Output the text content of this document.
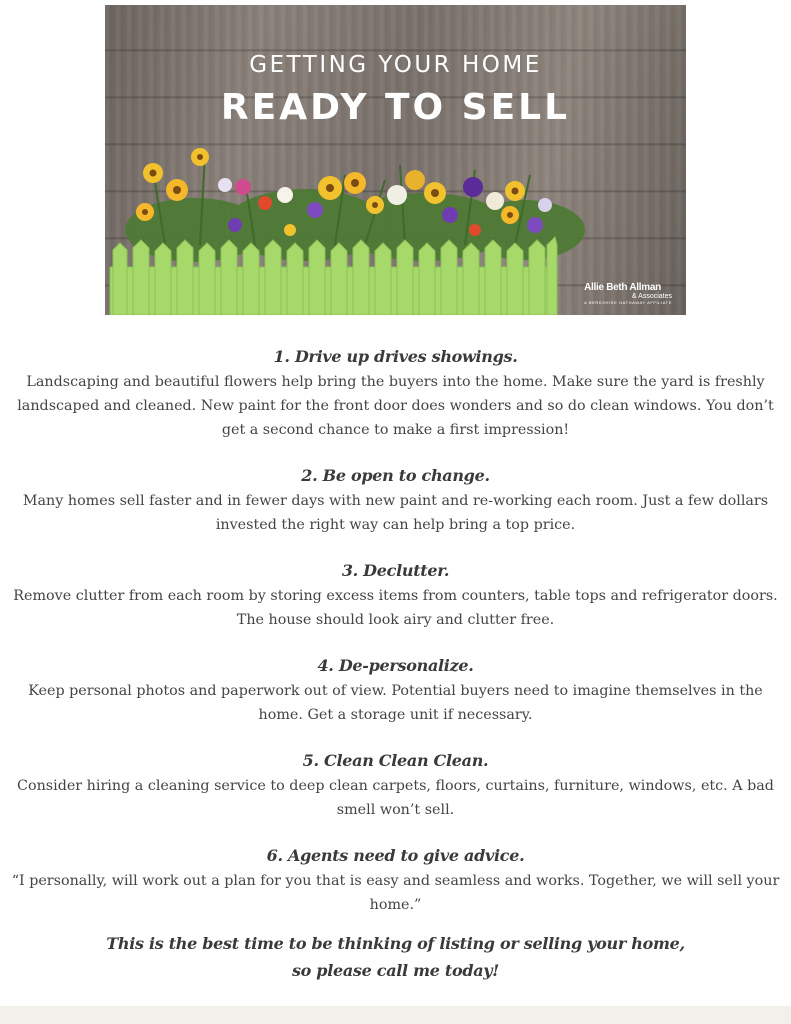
GETTING YOUR HOME
READY TO SELL
Allie Beth Allman
& Associates
A BERKSHIRE HATHAWAY AFFILIATE
1. Drive up drives showings.
Landscaping and beautiful flowers help bring the buyers into the home. Make sure the yard is freshly landscaped and cleaned. New paint for the front door does wonders and so do clean windows. You don’t get a second chance to make a first impression!
2. Be open to change.
Many homes sell faster and in fewer days with new paint and re-working each room. Just a few dollars invested the right way can help bring a top price.
3. Declutter.
Remove clutter from each room by storing excess items from counters, table tops and refrigerator doors. The house should look airy and clutter free.
4. De-personalize.
Keep personal photos and paperwork out of view. Potential buyers need to imagine themselves in the home. Get a storage unit if necessary.
5. Clean Clean Clean.
Consider hiring a cleaning service to deep clean carpets, floors, curtains, furniture, windows, etc. A bad smell won’t sell.
6. Agents need to give advice.
“I personally, will work out a plan for you that is easy and seamless and works. Together, we will sell your home.”
This is the best time to be thinking of listing or selling your home,
so please call me today!
